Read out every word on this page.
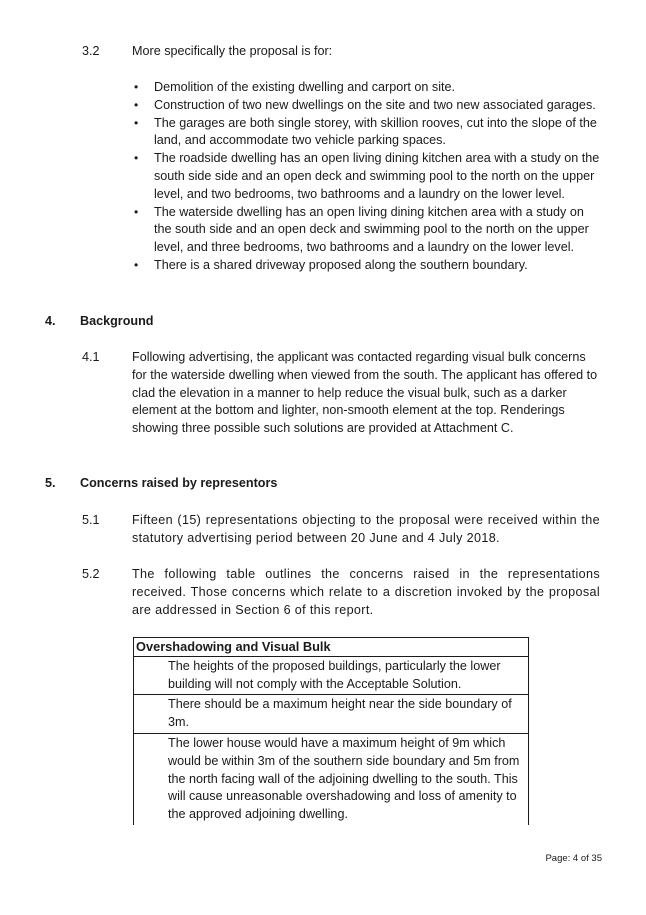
3.2	More specifically the proposal is for:
• Demolition of the existing dwelling and carport on site.
• Construction of two new dwellings on the site and two new associated garages.
• The garages are both single storey, with skillion rooves, cut into the slope of the land, and accommodate two vehicle parking spaces.
• The roadside dwelling has an open living dining kitchen area with a study on the south side side and an open deck and swimming pool to the north on the upper level, and two bedrooms, two bathrooms and a laundry on the lower level.
• The waterside dwelling has an open living dining kitchen area with a study on the south side and an open deck and swimming pool to the north on the upper level, and three bedrooms, two bathrooms and a laundry on the lower level.
• There is a shared driveway proposed along the southern boundary.
4. Background
4.1	Following advertising, the applicant was contacted regarding visual bulk concerns for the waterside dwelling when viewed from the south. The applicant has offered to clad the elevation in a manner to help reduce the visual bulk, such as a darker element at the bottom and lighter, non-smooth element at the top. Renderings showing three possible such solutions are provided at Attachment C.
5. Concerns raised by representors
5.1	Fifteen (15) representations objecting to the proposal were received within the statutory advertising period between 20 June and 4 July 2018.
5.2	The following table outlines the concerns raised in the representations received. Those concerns which relate to a discretion invoked by the proposal are addressed in Section 6 of this report.
Overshadowing and Visual Bulk
The heights of the proposed buildings, particularly the lower building will not comply with the Acceptable Solution.
There should be a maximum height near the side boundary of 3m.
The lower house would have a maximum height of 9m which would be within 3m of the southern side boundary and 5m from the north facing wall of the adjoining dwelling to the south. This will cause unreasonable overshadowing and loss of amenity to the approved adjoining dwelling.
Page: 4 of 35
